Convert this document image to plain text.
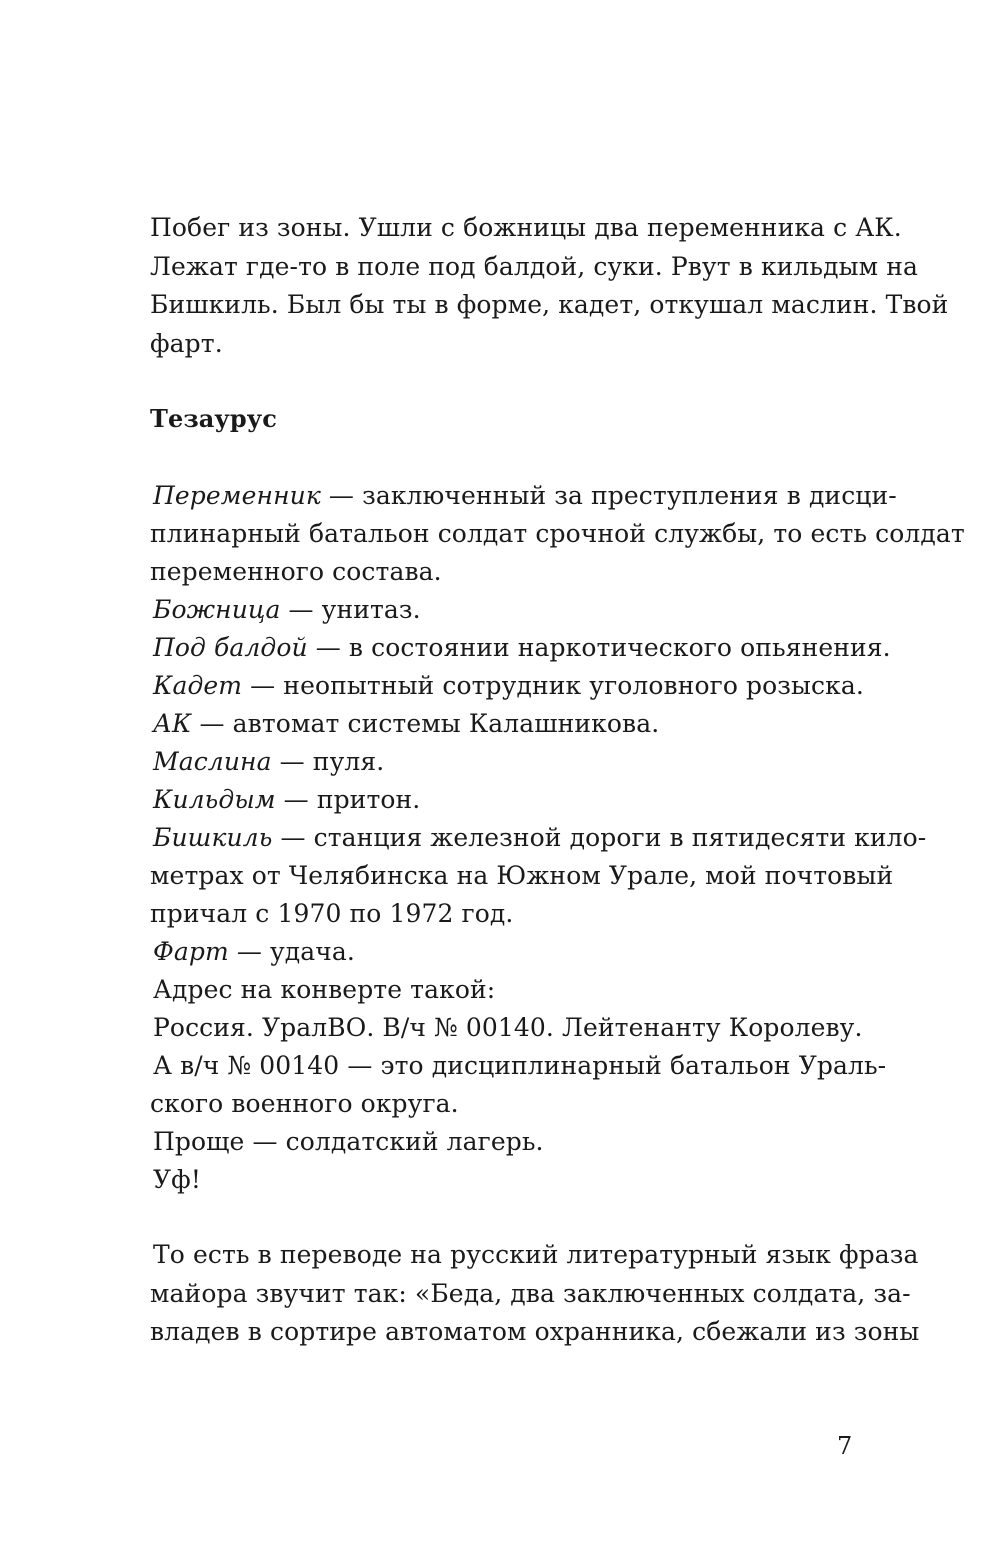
Побег из зоны. Ушли с божницы два переменника с АК.
Лежат где-то в поле под балдой, суки. Рвут в кильдым на
Бишкиль. Был бы ты в форме, кадет, откушал маслин. Твой
фарт.
Тезаурус
Переменник — заключенный за преступления в дисци-
плинарный батальон солдат срочной службы, то есть солдат
переменного состава.
Божница — унитаз.
Под балдой — в состоянии наркотического опьянения.
Кадет — неопытный сотрудник уголовного розыска.
АК — автомат системы Калашникова.
Маслина — пуля.
Кильдым — притон.
Бишкиль — станция железной дороги в пятидесяти кило-
метрах от Челябинска на Южном Урале, мой почтовый
причал с 1970 по 1972 год.
Фарт — удача.
Адрес на конверте такой:
Россия. УралВО. В/ч № 00140. Лейтенанту Королеву.
А в/ч № 00140 — это дисциплинарный батальон Ураль-
ского военного округа.
Проще — солдатский лагерь.
Уф!
То есть в переводе на русский литературный язык фраза
майора звучит так: «Беда, два заключенных солдата, за-
владев в сортире автоматом охранника, сбежали из зоны
7
